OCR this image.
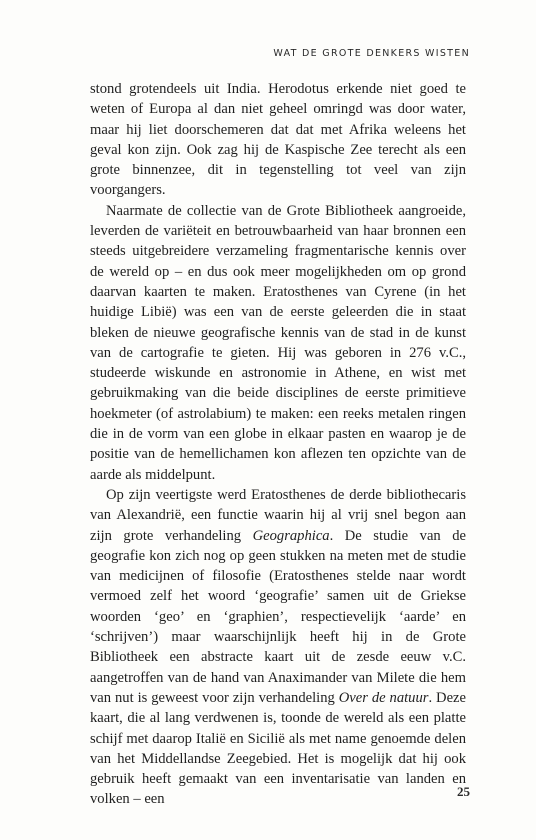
WAT DE GROTE DENKERS WISTEN

stond grotendeels uit India. Herodotus erkende niet goed te weten of Europa al dan niet geheel omringd was door water, maar hij liet doorschemeren dat dat met Afrika weleens het geval kon zijn. Ook zag hij de Kaspische Zee terecht als een grote binnenzee, dit in tegenstelling tot veel van zijn voorgangers.

Naarmate de collectie van de Grote Bibliotheek aangroeide, leverden de variëteit en betrouwbaarheid van haar bronnen een steeds uitgebreidere verzameling fragmentarische kennis over de wereld op – en dus ook meer mogelijkheden om op grond daarvan kaarten te maken. Eratosthenes van Cyrene (in het huidige Libië) was een van de eerste geleerden die in staat bleken de nieuwe geografische kennis van de stad in de kunst van de cartografie te gieten. Hij was geboren in 276 v.C., studeerde wiskunde en astronomie in Athene, en wist met gebruikmaking van die beide disciplines de eerste primitieve hoekmeter (of astrolabium) te maken: een reeks metalen ringen die in de vorm van een globe in elkaar pasten en waarop je de positie van de hemellichamen kon aflezen ten opzichte van de aarde als middelpunt.

Op zijn veertigste werd Eratosthenes de derde bibliothecaris van Alexandrië, een functie waarin hij al vrij snel begon aan zijn grote verhandeling Geographica. De studie van de geografie kon zich nog op geen stukken na meten met de studie van medicijnen of filosofie (Eratosthenes stelde naar wordt vermoed zelf het woord ‘geografie’ samen uit de Griekse woorden ‘geo’ en ‘graphien’, respectievelijk ‘aarde’ en ‘schrijven’) maar waarschijnlijk heeft hij in de Grote Bibliotheek een abstracte kaart uit de zesde eeuw v.C. aangetroffen van de hand van Anaximander van Milete die hem van nut is geweest voor zijn verhandeling Over de natuur. Deze kaart, die al lang verdwenen is, toonde de wereld als een platte schijf met daarop Italië en Sicilië als met name genoemde delen van het Middellandse Zeegebied. Het is mogelijk dat hij ook gebruik heeft gemaakt van een inventarisatie van landen en volken – een	25
